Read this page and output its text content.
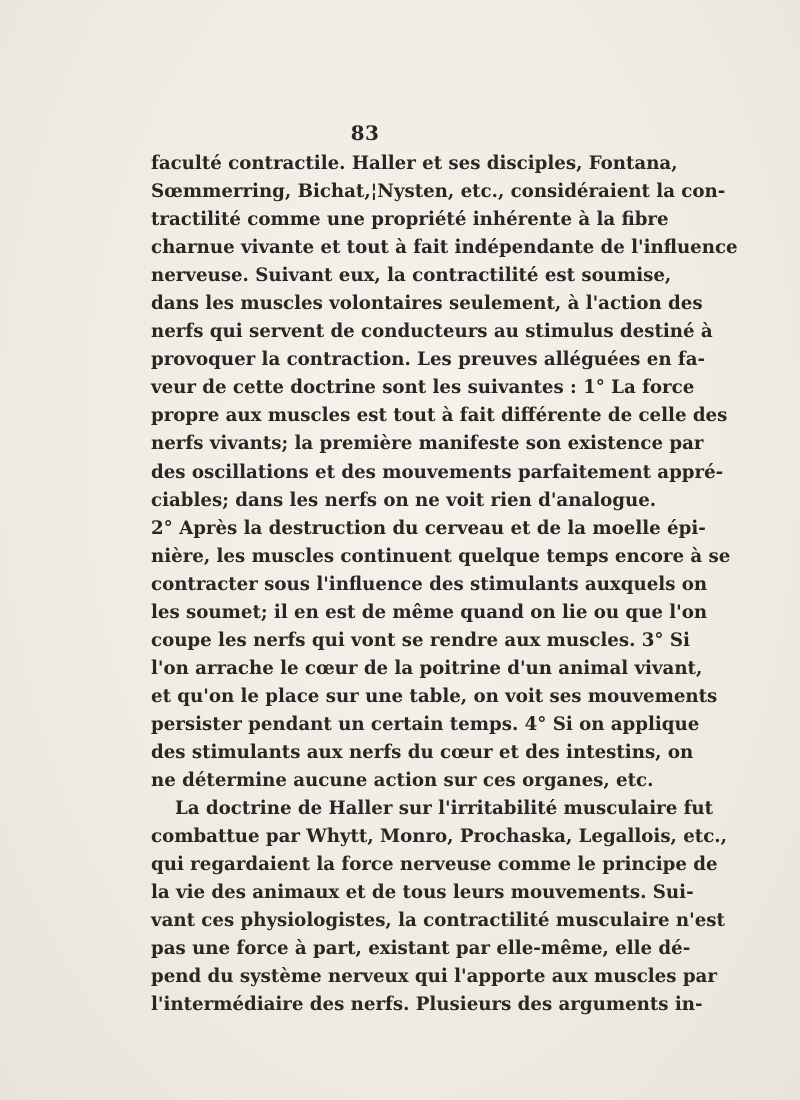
83
faculté contractile. Haller et ses disciples, Fontana,
Sœmmerring, Bichat,¦Nysten, etc., considéraient la con-
tractilité comme une propriété inhérente à la fibre
charnue vivante et tout à fait indépendante de l'influence
nerveuse. Suivant eux, la contractilité est soumise,
dans les muscles volontaires seulement, à l'action des
nerfs qui servent de conducteurs au stimulus destiné à
provoquer la contraction. Les preuves alléguées en fa-
veur de cette doctrine sont les suivantes : 1° La force
propre aux muscles est tout à fait différente de celle des
nerfs vivants; la première manifeste son existence par
des oscillations et des mouvements parfaitement appré-
ciables; dans les nerfs on ne voit rien d'analogue.
2° Après la destruction du cerveau et de la moelle épi-
nière, les muscles continuent quelque temps encore à se
contracter sous l'influence des stimulants auxquels on
les soumet; il en est de même quand on lie ou que l'on
coupe les nerfs qui vont se rendre aux muscles. 3° Si
l'on arrache le cœur de la poitrine d'un animal vivant,
et qu'on le place sur une table, on voit ses mouvements
persister pendant un certain temps. 4° Si on applique
des stimulants aux nerfs du cœur et des intestins, on
ne détermine aucune action sur ces organes, etc.
La doctrine de Haller sur l'irritabilité musculaire fut
combattue par Whytt, Monro, Prochaska, Legallois, etc.,
qui regardaient la force nerveuse comme le principe de
la vie des animaux et de tous leurs mouvements. Sui-
vant ces physiologistes, la contractilité musculaire n'est
pas une force à part, existant par elle-même, elle dé-
pend du système nerveux qui l'apporte aux muscles par
l'intermédiaire des nerfs. Plusieurs des arguments in-
